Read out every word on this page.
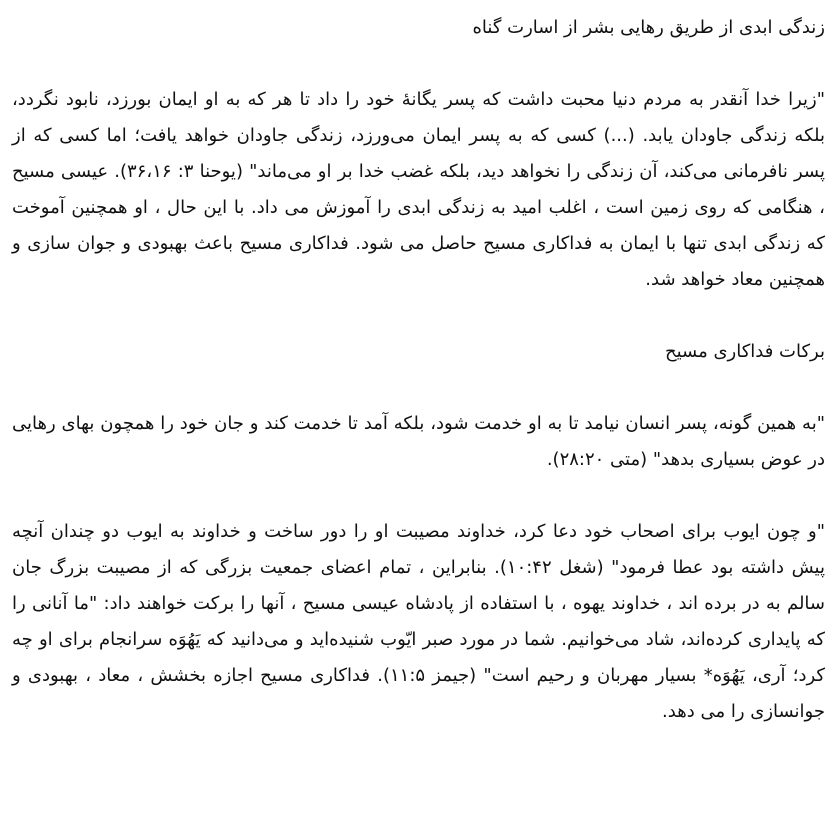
زندگی ابدی از طریق رهایی بشر از اسارت گناه

"زیرا خدا آنقدر به مردم دنیا محبت داشت که پسر یگانهٔ خود را داد تا هر که به او ایمان بورزد، نابود نگردد، بلکه زندگی جاودان یابد. (...) کسی که به پسر ایمان می‌ورزد، زندگی جاودان خواهد یافت؛ اما کسی که از پسر نافرمانی می‌کند، آن زندگی را نخواهد دید، بلکه غضب خدا بر او می‌ماند" (یوحنا ۳: ۳۶،۱۶). عیسی مسیح ، هنگامی که روی زمین است ، اغلب امید به زندگی ابدی را آموزش می داد. با این حال ، او همچنین آموخت که زندگی ابدی تنها با ایمان به فداکاری مسیح حاصل می شود. فداکاری مسیح باعث بهبودی و جوان سازی و همچنین معاد خواهد شد.

برکات فداکاری مسیح

"به همین گونه، پسر انسان نیامد تا به او خدمت شود، بلکه آمد تا خدمت کند و جان خود را همچون بهای رهایی در عوض بسیاری بدهد" (متی ۲۸:۲۰).

"و چون ایوب برای اصحاب خود دعا کرد، خداوند مصیبت او را دور ساخت و خداوند به ایوب دو چندان آنچه پیش داشته بود عطا فرمود" (شغل ۱۰:۴۲). بنابراین ، تمام اعضای جمعیت بزرگی که از مصیبت بزرگ جان سالم به در برده اند ، خداوند یهوه ، با استفاده از پادشاه عیسی مسیح ، آنها را برکت خواهند داد: "ما آنانی را که پایداری کرده‌اند، شاد می‌خوانیم. شما در مورد صبر ایّوب شنیده‌اید و می‌دانید که یَهُوَه سرانجام برای او چه کرد؛ آری، یَهُوَه* بسیار مهربان و رحیم است" (جیمز ۱۱:۵). فداکاری مسیح اجازه بخشش ، معاد ، بهبودی و جوانسازی را می دهد.
